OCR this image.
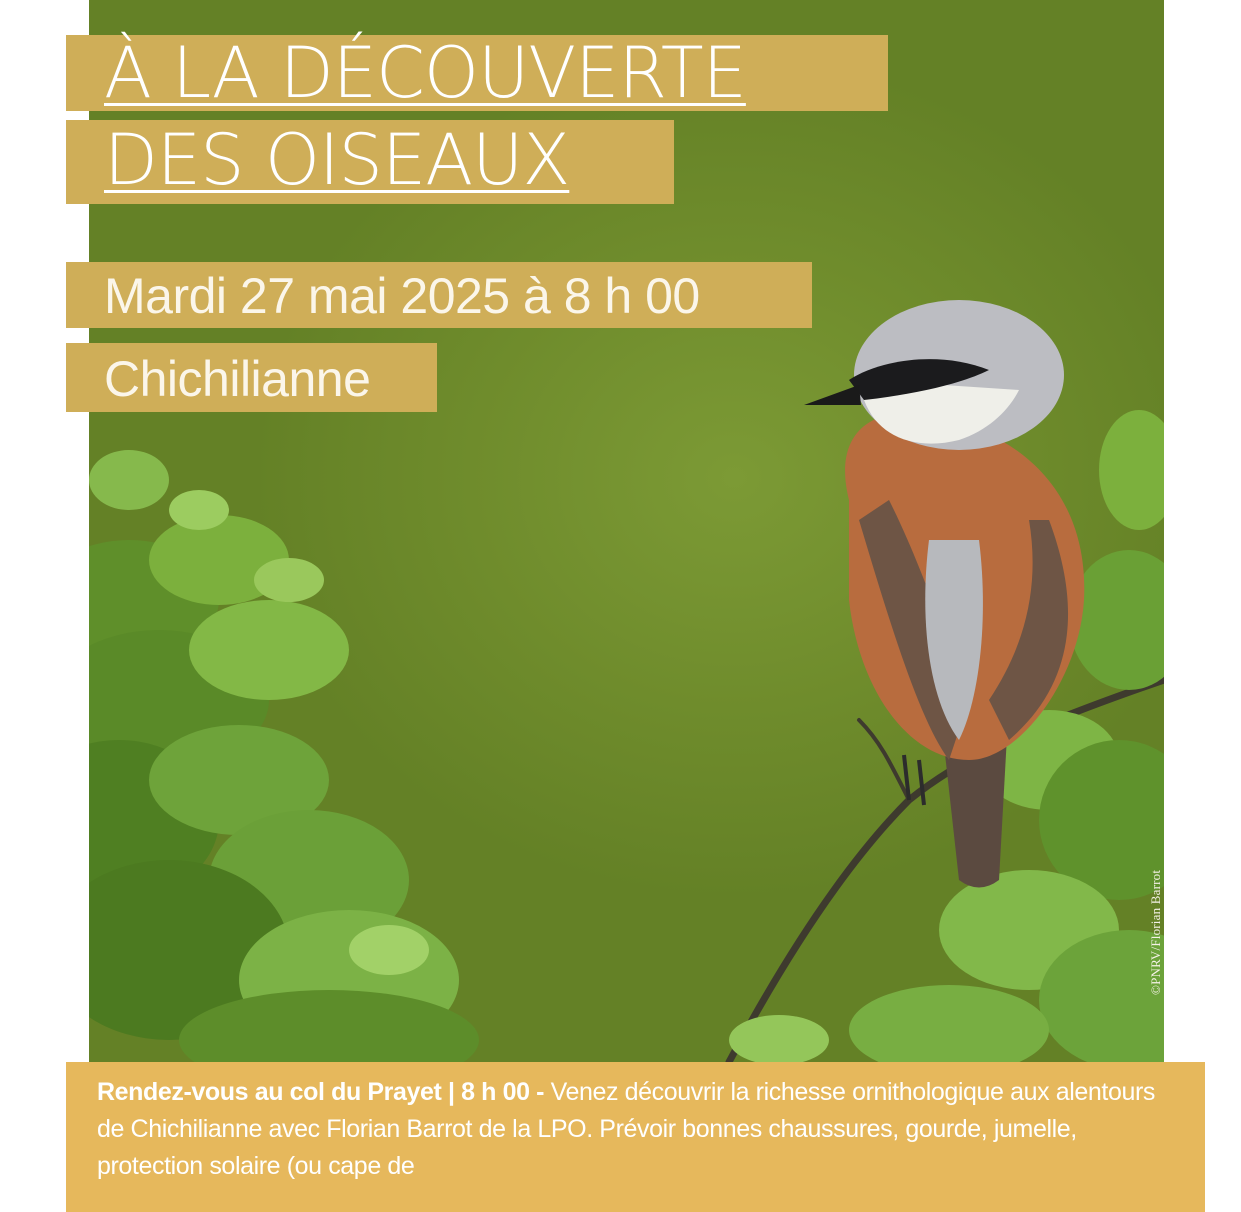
©PNRV/Florian Barrot
À LA DÉCOUVERTE
DES OISEAUX
Mardi 27 mai 2025 à 8 h 00
Chichilianne
Rendez-vous au col du Prayet | 8 h 00 - Venez découvrir la richesse ornithologique aux alentours de Chichilianne avec Florian Barrot de la LPO. Prévoir bonnes chaussures, gourde, jumelle, protection solaire (ou cape de
